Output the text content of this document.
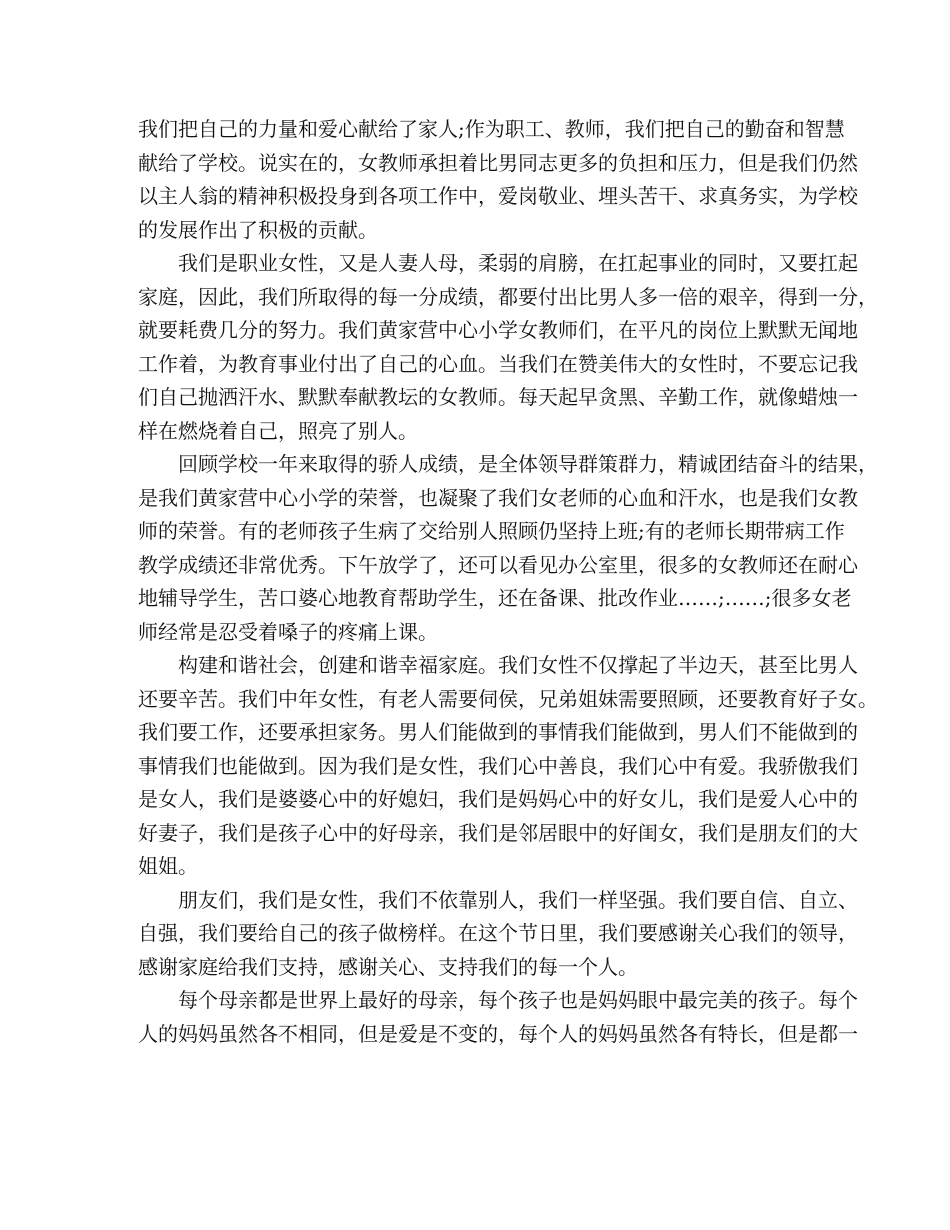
我们把自己的力量和爱心献给了家人;作为职工、教师，我们把自己的勤奋和智慧
献给了学校。说实在的，女教师承担着比男同志更多的负担和压力，但是我们仍然
以主人翁的精神积极投身到各项工作中，爱岗敬业、埋头苦干、求真务实，为学校
的发展作出了积极的贡献。
　　我们是职业女性，又是人妻人母，柔弱的肩膀，在扛起事业的同时，又要扛起
家庭，因此，我们所取得的每一分成绩，都要付出比男人多一倍的艰辛，得到一分，
就要耗费几分的努力。我们黄家营中心小学女教师们，在平凡的岗位上默默无闻地
工作着，为教育事业付出了自己的心血。当我们在赞美伟大的女性时，不要忘记我
们自己抛洒汗水、默默奉献教坛的女教师。每天起早贪黑、辛勤工作，就像蜡烛一
样在燃烧着自己，照亮了别人。
　　回顾学校一年来取得的骄人成绩，是全体领导群策群力，精诚团结奋斗的结果，
是我们黄家营中心小学的荣誉，也凝聚了我们女老师的心血和汗水，也是我们女教
师的荣誉。有的老师孩子生病了交给别人照顾仍坚持上班;有的老师长期带病工作
教学成绩还非常优秀。下午放学了，还可以看见办公室里，很多的女教师还在耐心
地辅导学生，苦口婆心地教育帮助学生，还在备课、批改作业……;……;很多女老
师经常是忍受着嗓子的疼痛上课。
　　构建和谐社会，创建和谐幸福家庭。我们女性不仅撑起了半边天，甚至比男人
还要辛苦。我们中年女性，有老人需要伺侯，兄弟姐妹需要照顾，还要教育好子女。
我们要工作，还要承担家务。男人们能做到的事情我们能做到，男人们不能做到的
事情我们也能做到。因为我们是女性，我们心中善良，我们心中有爱。我骄傲我们
是女人，我们是婆婆心中的好媳妇，我们是妈妈心中的好女儿，我们是爱人心中的
好妻子，我们是孩子心中的好母亲，我们是邻居眼中的好闺女，我们是朋友们的大
姐姐。
　　朋友们，我们是女性，我们不依靠别人，我们一样坚强。我们要自信、自立、
自强，我们要给自己的孩子做榜样。在这个节日里，我们要感谢关心我们的领导，
感谢家庭给我们支持，感谢关心、支持我们的每一个人。
　　每个母亲都是世界上最好的母亲，每个孩子也是妈妈眼中最完美的孩子。每个
人的妈妈虽然各不相同，但是爱是不变的，每个人的妈妈虽然各有特长，但是都一
